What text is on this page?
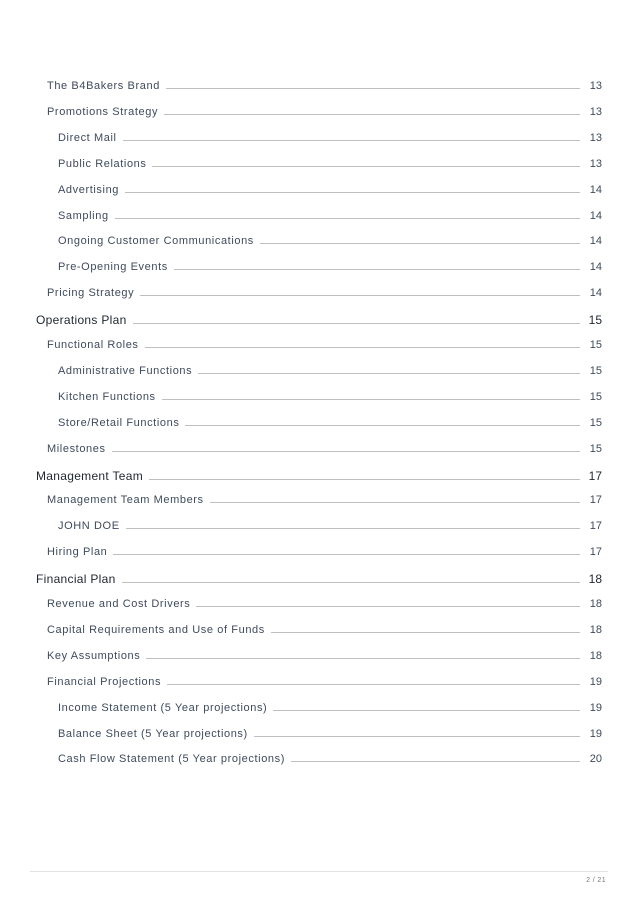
The B4Bakers Brand	13
Promotions Strategy	13
Direct Mail	13
Public Relations	13
Advertising	14
Sampling	14
Ongoing Customer Communications	14
Pre-Opening Events	14
Pricing Strategy	14
Operations Plan	15
Functional Roles	15
Administrative Functions	15
Kitchen Functions	15
Store/Retail Functions	15
Milestones	15
Management Team	17
Management Team Members	17
JOHN DOE	17
Hiring Plan	17
Financial Plan	18
Revenue and Cost Drivers	18
Capital Requirements and Use of Funds	18
Key Assumptions	18
Financial Projections	19
Income Statement (5 Year projections)	19
Balance Sheet (5 Year projections)	19
Cash Flow Statement (5 Year projections)	20
2 / 21
